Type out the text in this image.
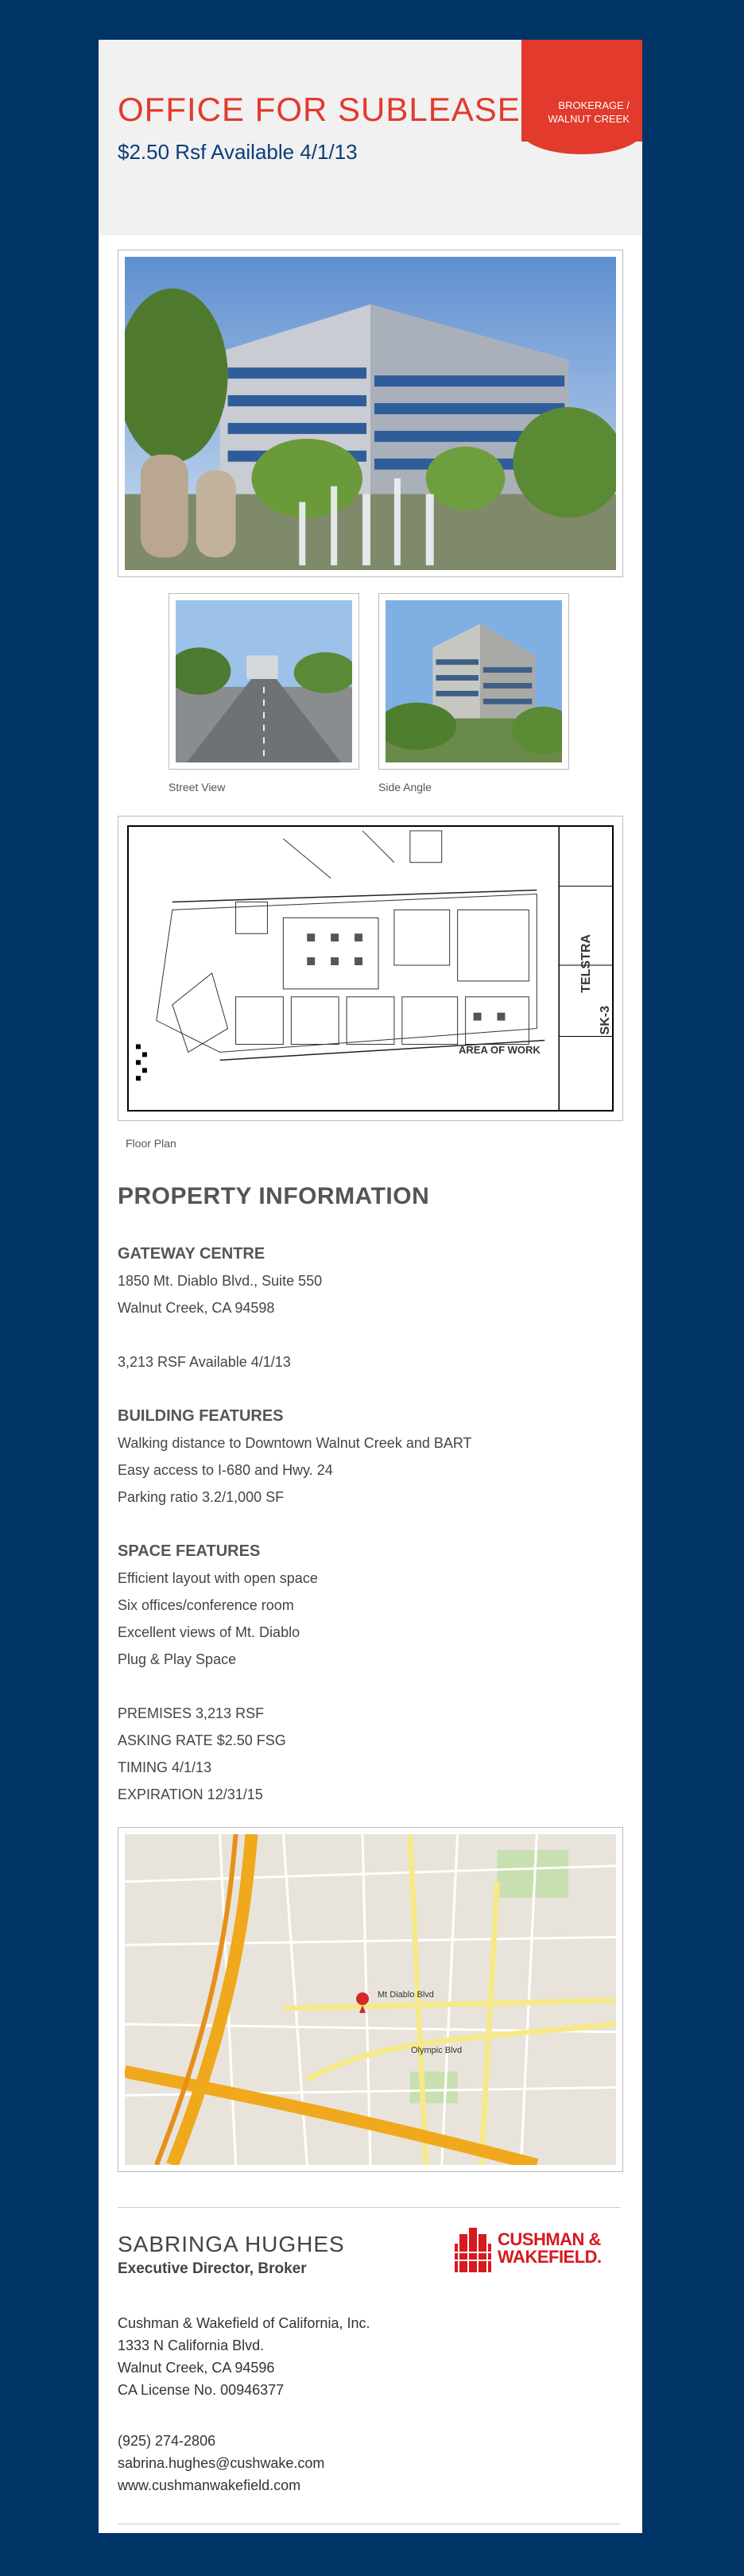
OFFICE FOR SUBLEASE
$2.50 Rsf Available 4/1/13
BROKERAGE /
WALNUT CREEK
Street View	Side Angle
TELSTRA
SK-3
AREA OF WORK
Floor Plan
PROPERTY INFORMATION
GATEWAY CENTRE
1850 Mt. Diablo Blvd., Suite 550
Walnut Creek, CA 94598
3,213 RSF Available 4/1/13
BUILDING FEATURES
Walking distance to Downtown Walnut Creek and BART
Easy access to I-680 and Hwy. 24
Parking ratio 3.2/1,000 SF
SPACE FEATURES
Efficient layout with open space
Six offices/conference room
Excellent views of Mt. Diablo
Plug & Play Space
PREMISES 3,213 RSF
ASKING RATE $2.50 FSG
TIMING 4/1/13
EXPIRATION 12/31/15
Mt Diablo Blvd
Olympic Blvd
SABRINGA HUGHES
Executive Director, Broker
Cushman & Wakefield of California, Inc.
1333 N California Blvd.
Walnut Creek, CA 94596
CA License No. 00946377
(925) 274-2806
sabrina.hughes@cushwake.com
www.cushmanwakefield.com
CUSHMAN &
WAKEFIELD.
